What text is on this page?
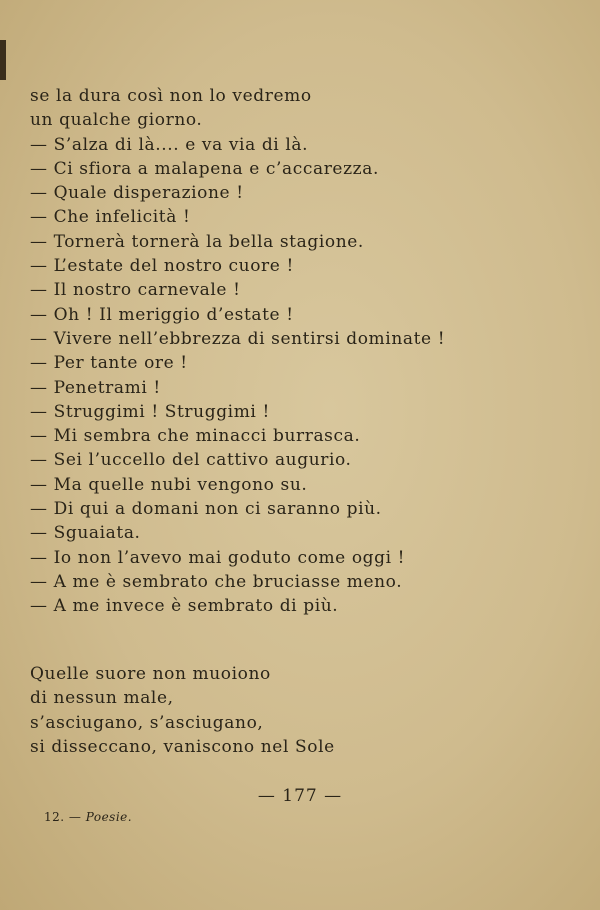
se la dura così non lo vedremo
un qualche giorno.
— S’alza di là.... e va via di là.
— Ci sfiora a malapena e c’accarezza.
— Quale disperazione !
— Che infelicità !
— Tornerà tornerà la bella stagione.
— L’estate del nostro cuore !
— Il nostro carnevale !
— Oh ! Il meriggio d’estate !
— Vivere nell’ebbrezza di sentirsi dominate !
— Per tante ore !
— Penetrami !
— Struggimi ! Struggimi !
— Mi sembra che minacci burrasca.
— Sei l’uccello del cattivo augurio.
— Ma quelle nubi vengono su.
— Di qui a domani non ci saranno più.
— Sguaiata.
— Io non l’avevo mai goduto come oggi !
— A me è sembrato che bruciasse meno.
— A me invece è sembrato di più.
Quelle suore non muoiono
di nessun male,
s’asciugano, s’asciugano,
si disseccano, vaniscono nel Sole
— 177 —
12. — Poesie.
